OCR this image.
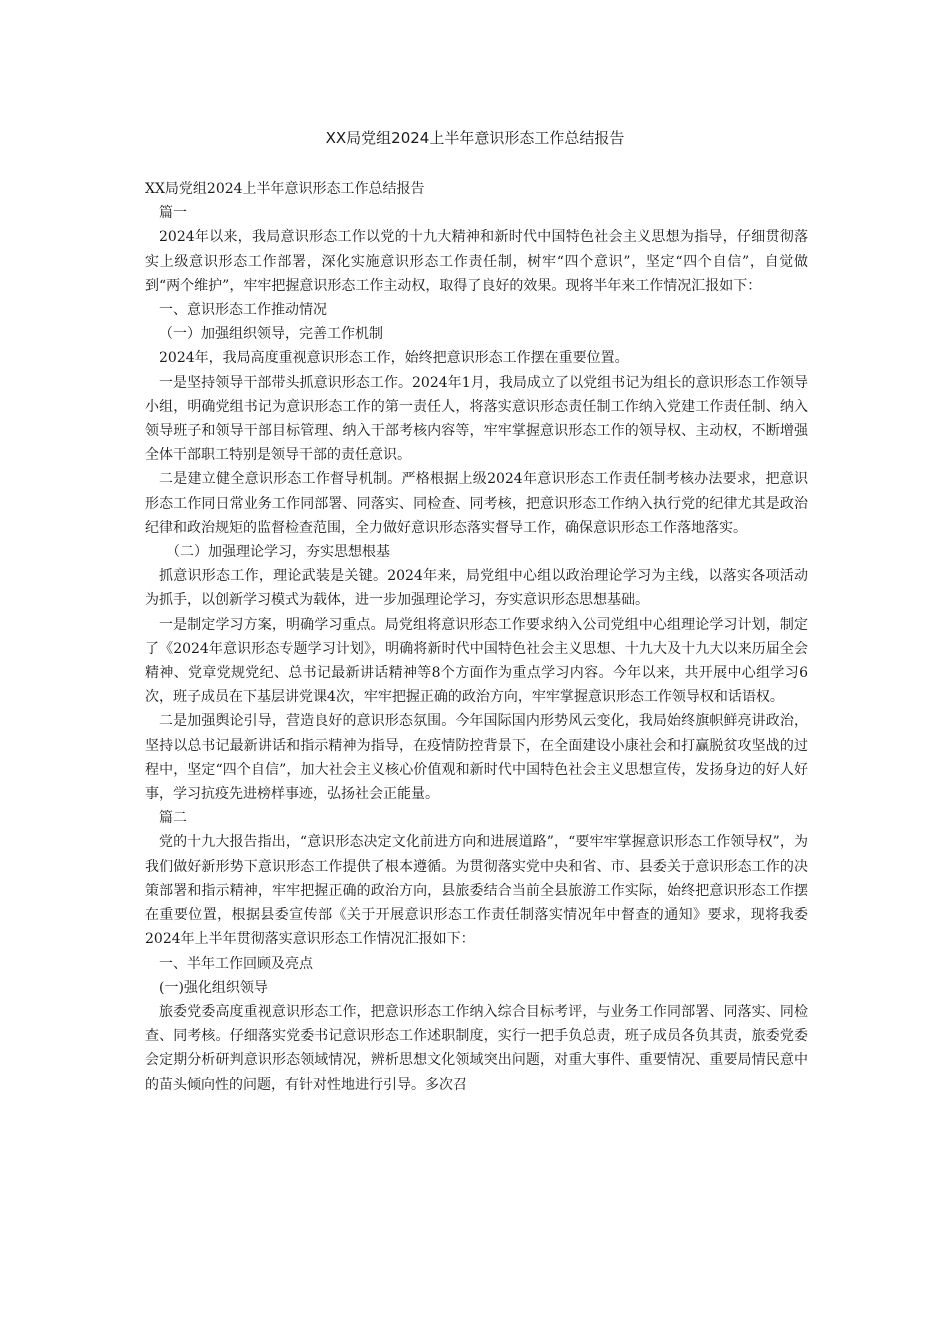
XX局党组2024上半年意识形态工作总结报告

XX局党组2024上半年意识形态工作总结报告

篇一

2024年以来，我局意识形态工作以党的十九大精神和新时代中国特色社会主义思想为指导，仔细贯彻落实上级意识形态工作部署，深化实施意识形态工作责任制，树牢“四个意识”，坚定“四个自信”，自觉做到“两个维护”，牢牢把握意识形态工作主动权，取得了良好的效果。现将半年来工作情况汇报如下：

一、意识形态工作推动情况

（一）加强组织领导，完善工作机制

2024年，我局高度重视意识形态工作，始终把意识形态工作摆在重要位置。

一是坚持领导干部带头抓意识形态工作。2024年1月，我局成立了以党组书记为组长的意识形态工作领导小组，明确党组书记为意识形态工作的第一责任人，将落实意识形态责任制工作纳入党建工作责任制、纳入领导班子和领导干部目标管理、纳入干部考核内容等，牢牢掌握意识形态工作的领导权、主动权，不断增强全体干部职工特别是领导干部的责任意识。

二是建立健全意识形态工作督导机制。严格根据上级2024年意识形态工作责任制考核办法要求，把意识形态工作同日常业务工作同部署、同落实、同检查、同考核，把意识形态工作纳入执行党的纪律尤其是政治纪律和政治规矩的监督检查范围，全力做好意识形态落实督导工作，确保意识形态工作落地落实。

（二）加强理论学习，夯实思想根基

抓意识形态工作，理论武装是关键。2024年来，局党组中心组以政治理论学习为主线，以落实各项活动为抓手，以创新学习模式为载体，进一步加强理论学习，夯实意识形态思想基础。

一是制定学习方案，明确学习重点。局党组将意识形态工作要求纳入公司党组中心组理论学习计划，制定了《2024年意识形态专题学习计划》，明确将新时代中国特色社会主义思想、十九大及十九大以来历届全会精神、党章党规党纪、总书记最新讲话精神等8个方面作为重点学习内容。今年以来，共开展中心组学习6次，班子成员在下基层讲党课4次，牢牢把握正确的政治方向，牢牢掌握意识形态工作领导权和话语权。

二是加强舆论引导，营造良好的意识形态氛围。今年国际国内形势风云变化，我局始终旗帜鲜亮讲政治，坚持以总书记最新讲话和指示精神为指导，在疫情防控背景下，在全面建设小康社会和打赢脱贫攻坚战的过程中，坚定“四个自信”，加大社会主义核心价值观和新时代中国特色社会主义思想宣传，发扬身边的好人好事，学习抗疫先进榜样事迹，弘扬社会正能量。

篇二

党的十九大报告指出，“意识形态决定文化前进方向和进展道路”，“要牢牢掌握意识形态工作领导权”，为我们做好新形势下意识形态工作提供了根本遵循。为贯彻落实党中央和省、市、县委关于意识形态工作的决策部署和指示精神，牢牢把握正确的政治方向，县旅委结合当前全县旅游工作实际，始终把意识形态工作摆在重要位置，根据县委宣传部《关于开展意识形态工作责任制落实情况年中督查的通知》要求，现将我委2024年上半年贯彻落实意识形态工作情况汇报如下：

一、半年工作回顾及亮点

(一)强化组织领导

旅委党委高度重视意识形态工作，把意识形态工作纳入综合目标考评，与业务工作同部署、同落实、同检查、同考核。仔细落实党委书记意识形态工作述职制度，实行一把手负总责，班子成员各负其责，旅委党委会定期分析研判意识形态领域情况，辨析思想文化领域突出问题，对重大事件、重要情况、重要局情民意中的苗头倾向性的问题，有针对性地进行引导。多次召
